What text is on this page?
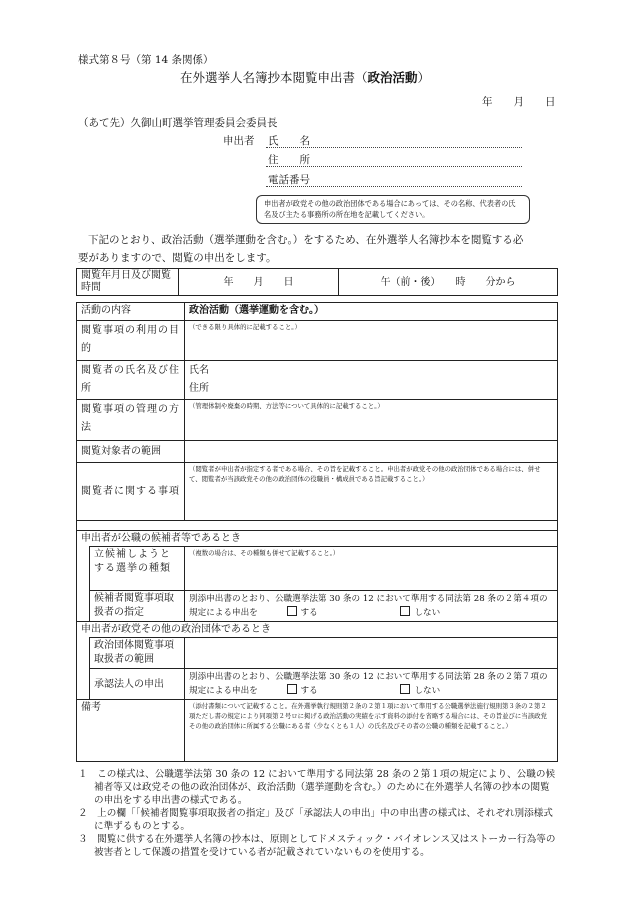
様式第８号（第 14 条関係）
在外選挙人名簿抄本閲覧申出書（政治活動）
年　　月　　日
（あて先）久御山町選挙管理委員会委員長
申出者 氏　　名
住　　所
電話番号
申出者が政党その他の政治団体である場合にあっては、その名称、代表者の氏名及び主たる事務所の所在地を記載してください。
下記のとおり、政治活動（選挙運動を含む。）をするため、在外選挙人名簿抄本を閲覧する必
要がありますので、閲覧の申出をします。
閲覧年月日及び閲覧時間	年　　月　　日	午（前・後）　　時　　分から
活動の内容		政治活動（選挙運動を含む。）
閲覧事項の利用の目的		（できる限り具体的に記載すること。）

閲覧者の氏名及び住所		氏名
住所

閲覧事項の管理の方法		（管理体制や廃棄の時期、方法等について具体的に記載すること。）

閲覧対象者の範囲		
閲覧者に関する事項		（閲覧者が申出者が指定する者である場合、その旨を記載すること。申出者が政党その他の政治団体である場合には、併せて、閲覧者が当該政党その他の政治団体の役職員・構成員である旨記載すること。）

申出者が公職の候補者等であるとき		
	立候補しようとする選挙の種類	（複数の場合は、その種類も併せて記載すること。）

	候補者閲覧事項取扱者の指定	別添申出書のとおり、公職選挙法第 30 条の 12 において準用する同法第 28 条の２第４項の規定による申出を する しない
申出者が政党その他の政治団体であるとき		
	政治団体閲覧事項取扱者の範囲	
	承認法人の申出	別添申出書のとおり、公職選挙法第 30 条の 12 において準用する同法第 28 条の２第７項の規定による申出を する しない
備考		（添付書類について記載すること。在外選挙執行規則第２条の２第１項において準用する公職選挙法施行規則第３条の２第２項ただし書の規定により同項第２号ロに掲げる政治活動の実績を示す資料の添付を省略する場合には、その旨並びに当該政党その他の政治団体に所属する公職にある者（少なくとも１人）の氏名及びその者の公職の種類を記載すること。）
１　この様式は、公職選挙法第 30 条の 12 において準用する同法第 28 条の２第１項の規定により、公職の候補者等又は政党その他の政治団体が、政治活動（選挙運動を含む。）のために在外選挙人名簿の抄本の閲覧の申出をする申出書の様式である。
２　上の欄「「候補者閲覧事項取扱者の指定」及び「承認法人の申出」中の申出書の様式は、それぞれ別添様式に準ずるものとする。
３　閲覧に供する在外選挙人名簿の抄本は、原則としてドメスティック・バイオレンス又はストーカー行為等の被害者として保護の措置を受けている者が記載されていないものを使用する。
